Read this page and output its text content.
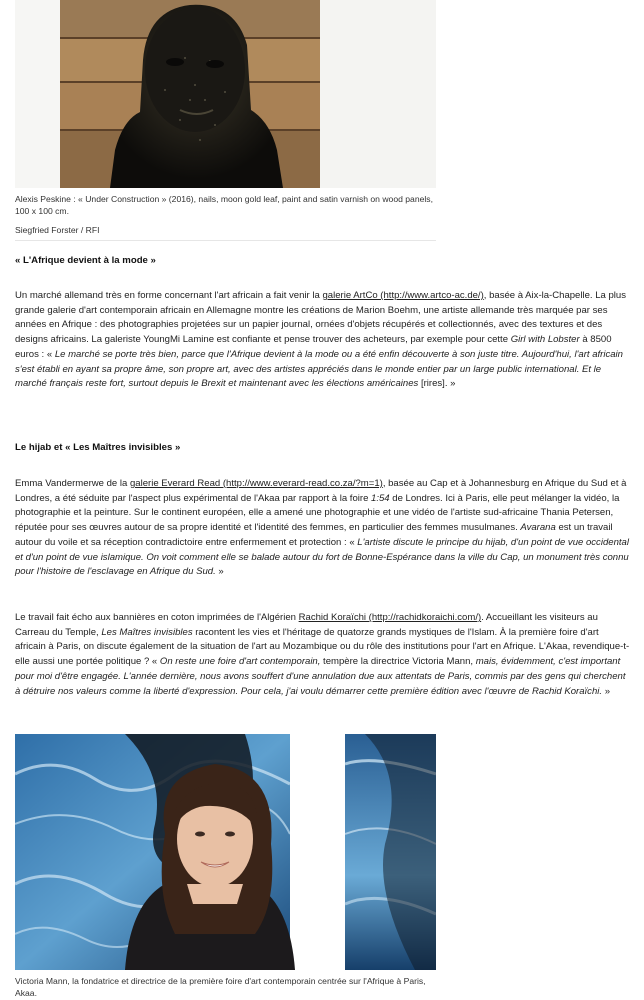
Alexis Peskine : « Under Construction » (2016), nails, moon gold leaf, paint and satin varnish on wood panels, 100 x 100 cm.
Siegfried Forster / RFI
« L'Afrique devient à la mode »

Un marché allemand très en forme concernant l'art africain a fait venir la galerie ArtCo (http://www.artco-ac.de/), basée à Aix-la-Chapelle. La plus grande galerie d'art contemporain africain en Allemagne montre les créations de Marion Boehm, une artiste allemande très marquée par ses années en Afrique : des photographies projetées sur un papier journal, ornées d'objets récupérés et collectionnés, avec des textures et des designs africains. La galeriste YoungMi Lamine est confiante et pense trouver des acheteurs, par exemple pour cette Girl with Lobster à 8500 euros : « Le marché se porte très bien, parce que l'Afrique devient à la mode ou a été enfin découverte à son juste titre. Aujourd'hui, l'art africain s'est établi en ayant sa propre âme, son propre art, avec des artistes appréciés dans le monde entier par un large public international. Et le marché français reste fort, surtout depuis le Brexit et maintenant avec les élections américaines [rires]. »

Le hijab et « Les Maîtres invisibles »

Emma Vandermerwe de la galerie Everard Read (http://www.everard-read.co.za/?m=1), basée au Cap et à Johannesburg en Afrique du Sud et à Londres, a été séduite par l'aspect plus expérimental de l'Akaa par rapport à la foire 1:54 de Londres. Ici à Paris, elle peut mélanger la vidéo, la photographie et la peinture. Sur le continent européen, elle a amené une photographie et une vidéo de l'artiste sud-africaine Thania Petersen, réputée pour ses œuvres autour de sa propre identité et l'identité des femmes, en particulier des femmes musulmanes. Avarana est un travail autour du voile et sa réception contradictoire entre enfermement et protection : « L'artiste discute le principe du hijab, d'un point de vue occidental et d'un point de vue islamique. On voit comment elle se balade autour du fort de Bonne-Espérance dans la ville du Cap, un monument très connu pour l'histoire de l'esclavage en Afrique du Sud. »

Le travail fait écho aux bannières en coton imprimées de l'Algérien Rachid Koraïchi (http://rachidkoraichi.com/). Accueillant les visiteurs au Carreau du Temple, Les Maîtres invisibles racontent les vies et l'héritage de quatorze grands mystiques de l'Islam. À la première foire d'art africain à Paris, on discute également de la situation de l'art au Mozambique ou du rôle des institutions pour l'art en Afrique. L'Akaa, revendique-t-elle aussi une portée politique ? « On reste une foire d'art contemporain, tempère la directrice Victoria Mann, mais, évidemment, c'est important pour moi d'être engagée. L'année dernière, nous avons souffert d'une annulation due aux attentats de Paris, commis par des gens qui cherchent à détruire nos valeurs comme la liberté d'expression. Pour cela, j'ai voulu démarrer cette première édition avec l'œuvre de Rachid Koraïchi. »

Victoria Mann, la fondatrice et directrice de la première foire d'art contemporain centrée sur l'Afrique à Paris, Akaa.
